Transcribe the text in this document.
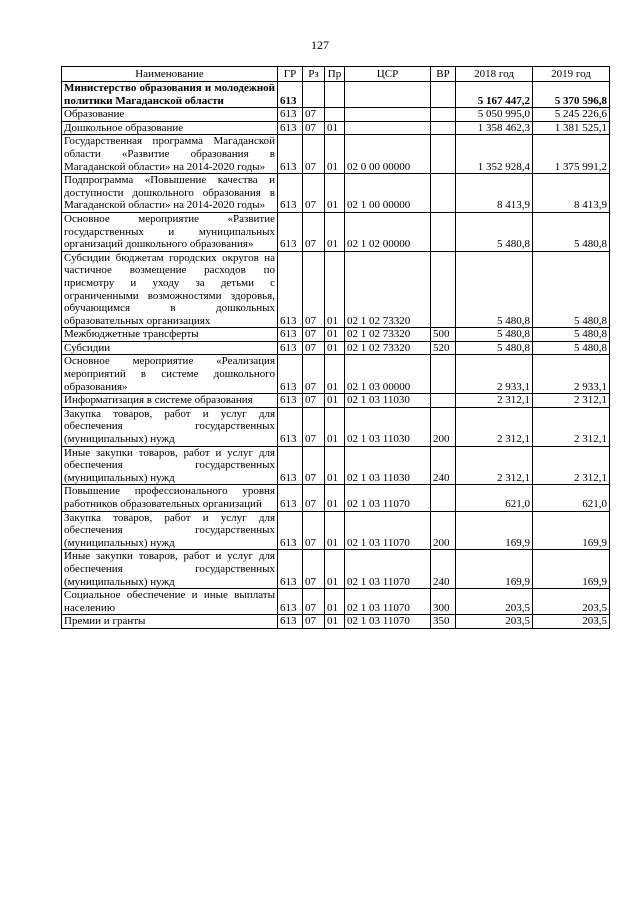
127
Наименование	ГР	Рз	Пр	ЦСР	ВР	2018 год	2019 год
Министерство образования и молодежной политики Магаданской области	613					5 167 447,2	5 370 596,8
Образование	613	07				5 050 995,0	5 245 226,6
Дошкольное образование	613	07	01			1 358 462,3	1 381 525,1
Государственная программа Магаданской области «Развитие образования в Магаданской области» на 2014-2020 годы»	613	07	01	02 0 00 00000		1 352 928,4	1 375 991,2
Подпрограмма «Повышение качества и доступности дошкольного образования в Магаданской области» на 2014-2020 годы»	613	07	01	02 1 00 00000		8 413,9	8 413,9
Основное мероприятие «Развитие государственных и муниципальных организаций дошкольного образования»	613	07	01	02 1 02 00000		5 480,8	5 480,8
Субсидии бюджетам городских округов на частичное возмещение расходов по присмотру и уходу за детьми с ограниченными возможностями здоровья, обучающимся в дошкольных образовательных организациях	613	07	01	02 1 02 73320		5 480,8	5 480,8
Межбюджетные трансферты	613	07	01	02 1 02 73320	500	5 480,8	5 480,8
Субсидии	613	07	01	02 1 02 73320	520	5 480,8	5 480,8
Основное мероприятие «Реализация мероприятий в системе дошкольного образования»	613	07	01	02 1 03 00000		2 933,1	2 933,1
Информатизация в системе образования	613	07	01	02 1 03 11030		2 312,1	2 312,1
Закупка товаров, работ и услуг для обеспечения государственных (муниципальных) нужд	613	07	01	02 1 03 11030	200	2 312,1	2 312,1
Иные закупки товаров, работ и услуг для обеспечения государственных (муниципальных) нужд	613	07	01	02 1 03 11030	240	2 312,1	2 312,1
Повышение профессионального уровня работников образовательных организаций	613	07	01	02 1 03 11070		621,0	621,0
Закупка товаров, работ и услуг для обеспечения государственных (муниципальных) нужд	613	07	01	02 1 03 11070	200	169,9	169,9
Иные закупки товаров, работ и услуг для обеспечения государственных (муниципальных) нужд	613	07	01	02 1 03 11070	240	169,9	169,9
Социальное обеспечение и иные выплаты населению	613	07	01	02 1 03 11070	300	203,5	203,5
Премии и гранты	613	07	01	02 1 03 11070	350	203,5	203,5
